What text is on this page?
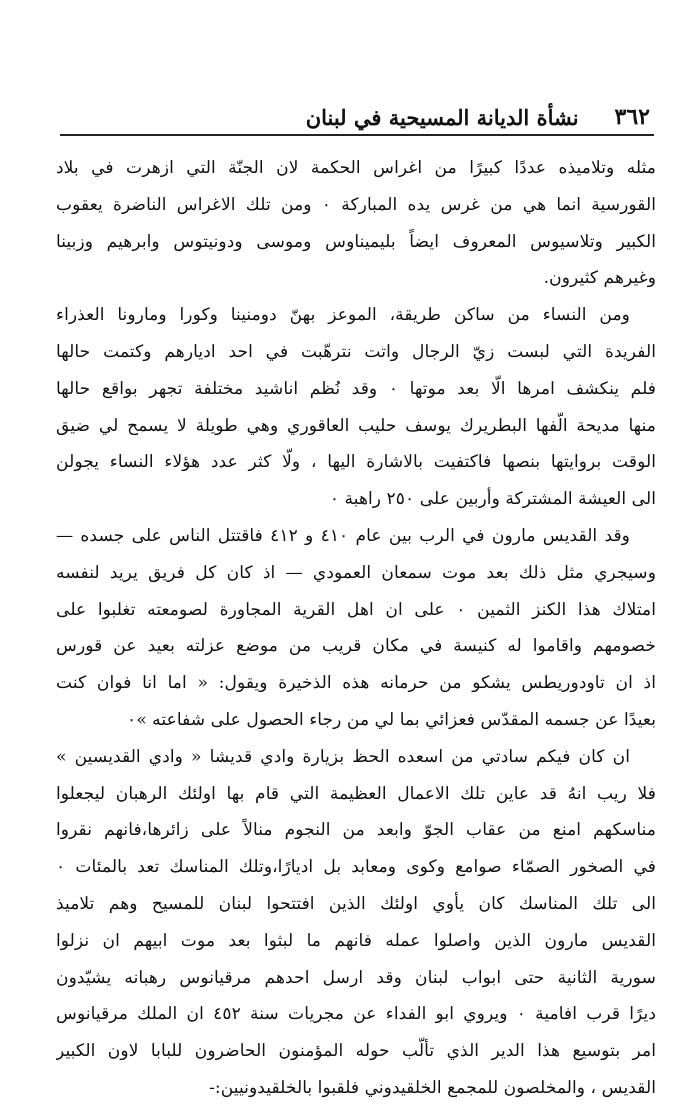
٣٦٢
نشأة الديانة المسيحية في لبنان
مثله وتلاميذه عددًا كبيرًا من اغراس الحكمة لان الجنّة التي ازهرت في بلاد
القورسية انما هي من غرس يده المباركة ٠ ومن تلك الاغراس الناضرة يعقوب
الكبير وتلاسيوس المعروف ايضاً بليميناوس وموسى ودونيتوس وابرهيم وزبينا
وغيرهم كثيرون.
ومن النساء من ساكن طريقة، الموعز بهنّ دومنينا وكورا ومارونا العذراء
الفريدة التي لبست زيّ الرجال واتت نترهّبت في احد اديارهم وكتمت حالها
فلم ينكشف امرها الّا بعد موتها ٠ وقد نُظم اناشيد مختلفة تجهر بواقع حالها
منها مديحة الّفها البطريرك يوسف حليب العاقوري وهي طويلة لا يسمح لي ضيق
الوقت بروايتها بنصها فاكتفيت بالاشارة اليها ، ولّا كثر عدد هؤلاء النساء يجولن
الى العيشة المشتركة وأربين على ٢٥٠ راهبة ٠
وقد القديس مارون في الرب بين عام ٤١٠ و ٤١٢ فاقتتل الناس على جسده —
وسيجري مثل ذلك بعد موت سمعان العمودي — اذ كان كل فريق يريد لنفسه
امتلاك هذا الكنز الثمين ٠ على ان اهل القرية المجاورة لصومعته تغلبوا على
خصومهم واقاموا له كنيسة في مكان قريب من موضع عزلته بعيد عن قورس
اذ ان تاودوريطس يشكو من حرمانه هذه الذخيرة ويقول: « اما انا فوان كنت
بعيدًا عن جسمه المقدّس فعزائي بما لي من رجاء الحصول على شفاعته »٠
ان كان فيكم سادتي من اسعده الحظ بزيارة وادي قديشا « وادي القديسين »
فلا ريب انهُ قد عاين تلك الاعمال العظيمة التي قام بها اولئك الرهبان ليجعلوا
مناسكهم امنع من عقاب الجوّ وابعد من النجوم منالاً على زائرها،فانهم نقروا
في الصخور الصمّاء صوامع وكوى ومعابد بل اديارًا،وتلك المناسك تعد بالمئات ٠
الى تلك المناسك كان يأوي اولئك الذين افتتحوا لبنان للمسيح وهم تلاميذ
القديس مارون الذين واصلوا عمله فانهم ما لبثوا بعد موت ابيهم ان نزلوا
سورية الثانية حتى ابواب لبنان وقد ارسل احدهم مرقيانوس رهبانه يشيّدون
ديرًا قرب افامية ٠ ويروي ابو الفداء عن مجريات سنة ٤٥٢ ان الملك مرقيانوس
امر بتوسيع هذا الدير الذي تألّب حوله المؤمنون الحاضرون للبابا لاون الكبير
القديس ، والمخلصون للمجمع الخلقيدوني فلقبوا بالخلقيدونيين:-
